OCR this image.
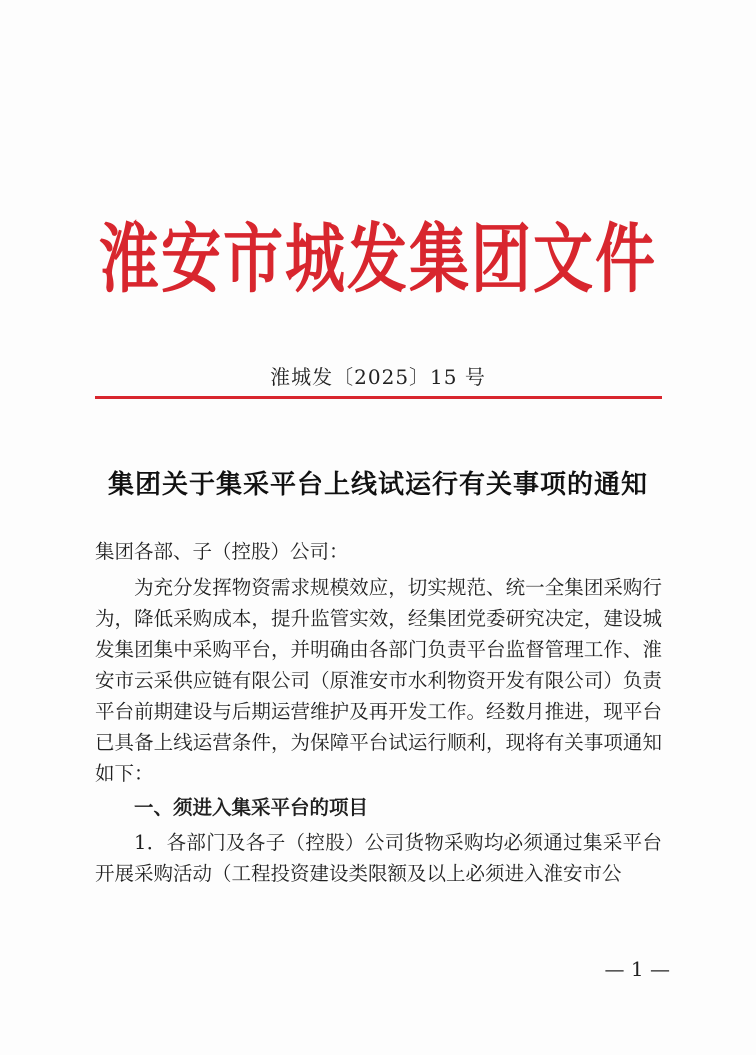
淮安市城发集团文件
淮城发〔2025〕15 号
集团关于集采平台上线试运行有关事项的通知
集团各部、子（控股）公司：

为充分发挥物资需求规模效应，切实规范、统一全集团采购行为，降低采购成本，提升监管实效，经集团党委研究决定，建设城发集团集中采购平台，并明确由各部门负责平台监督管理工作、淮安市云采供应链有限公司（原淮安市水利物资开发有限公司）负责平台前期建设与后期运营维护及再开发工作。经数月推进，现平台已具备上线运营条件，为保障平台试运行顺利，现将有关事项通知如下：

一、须进入集采平台的项目

1．各部门及各子（控股）公司货物采购均必须通过集采平台开展采购活动（工程投资建设类限额及以上必须进入淮安市公

— 1 —
